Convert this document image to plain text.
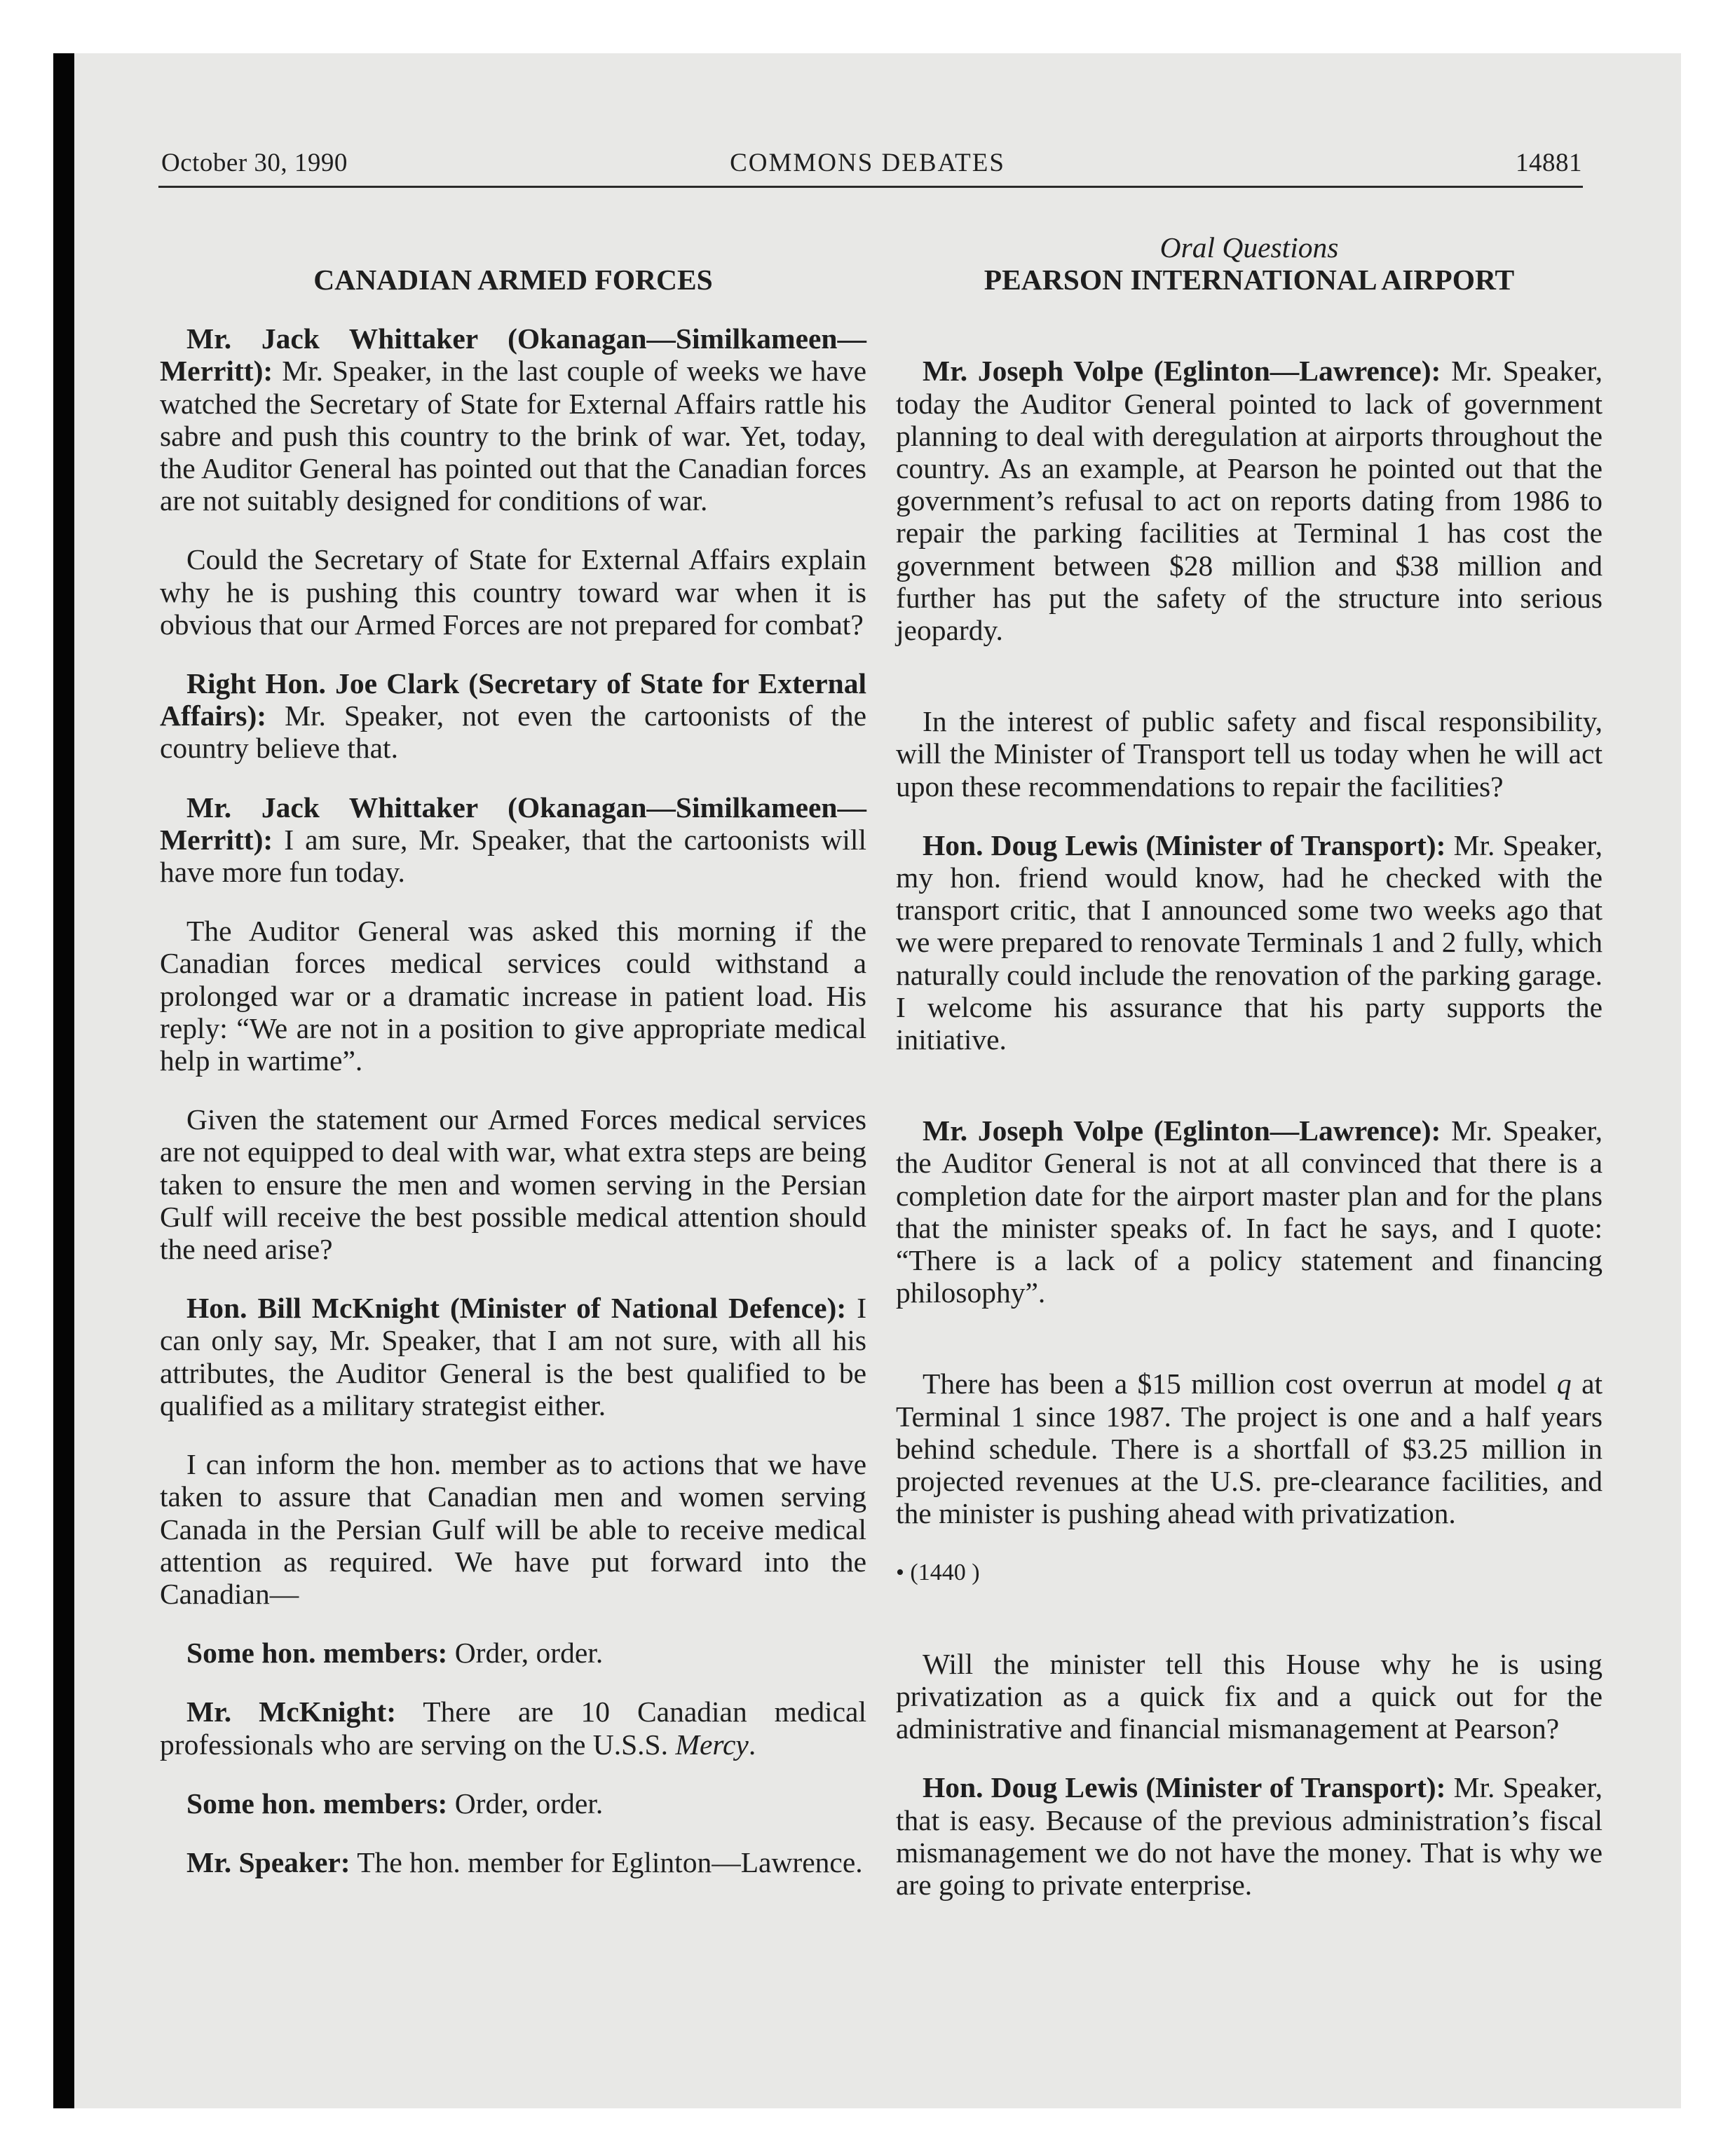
October 30, 1990	COMMONS DEBATES	14881

CANADIAN ARMED FORCES

Mr. Jack Whittaker (Okanagan—Similkameen—Merritt): Mr. Speaker, in the last couple of weeks we have watched the Secretary of State for External Affairs rattle his sabre and push this country to the brink of war. Yet, today, the Auditor General has pointed out that the Canadian forces are not suitably designed for conditions of war.

Could the Secretary of State for External Affairs explain why he is pushing this country toward war when it is obvious that our Armed Forces are not prepared for combat?

Right Hon. Joe Clark (Secretary of State for External Affairs): Mr. Speaker, not even the cartoonists of the country believe that.

Mr. Jack Whittaker (Okanagan—Similkameen—Merritt): I am sure, Mr. Speaker, that the cartoonists will have more fun today.

The Auditor General was asked this morning if the Canadian forces medical services could withstand a prolonged war or a dramatic increase in patient load. His reply: “We are not in a position to give appropriate medical help in wartime”.

Given the statement our Armed Forces medical services are not equipped to deal with war, what extra steps are being taken to ensure the men and women serving in the Persian Gulf will receive the best possible medical attention should the need arise?

Hon. Bill McKnight (Minister of National Defence): I can only say, Mr. Speaker, that I am not sure, with all his attributes, the Auditor General is the best qualified to be qualified as a military strategist either.

I can inform the hon. member as to actions that we have taken to assure that Canadian men and women serving Canada in the Persian Gulf will be able to receive medical attention as required. We have put forward into the Canadian—

Some hon. members: Order, order.

Mr. McKnight: There are 10 Canadian medical professionals who are serving on the U.S.S. Mercy.

Some hon. members: Order, order.

Mr. Speaker: The hon. member for Eglinton—Lawrence.

Oral Questions

PEARSON INTERNATIONAL AIRPORT

Mr. Joseph Volpe (Eglinton—Lawrence): Mr. Speaker, today the Auditor General pointed to lack of government planning to deal with deregulation at airports throughout the country. As an example, at Pearson he pointed out that the government’s refusal to act on reports dating from 1986 to repair the parking facilities at Terminal 1 has cost the government between $28 million and $38 million and further has put the safety of the structure into serious jeopardy.

In the interest of public safety and fiscal responsibility, will the Minister of Transport tell us today when he will act upon these recommendations to repair the facilities?

Hon. Doug Lewis (Minister of Transport): Mr. Speaker, my hon. friend would know, had he checked with the transport critic, that I announced some two weeks ago that we were prepared to renovate Terminals 1 and 2 fully, which naturally could include the renovation of the parking garage. I welcome his assurance that his party supports the initiative.

Mr. Joseph Volpe (Eglinton—Lawrence): Mr. Speaker, the Auditor General is not at all convinced that there is a completion date for the airport master plan and for the plans that the minister speaks of. In fact he says, and I quote: “There is a lack of a policy statement and financing philosophy”.

There has been a $15 million cost overrun at model q at Terminal 1 since 1987. The project is one and a half years behind schedule. There is a shortfall of $3.25 million in projected revenues at the U.S. pre-clearance facilities, and the minister is pushing ahead with privatization.

• (1440 )

Will the minister tell this House why he is using privatization as a quick fix and a quick out for the administrative and financial mismanagement at Pearson?

Hon. Doug Lewis (Minister of Transport): Mr. Speaker, that is easy. Because of the previous administration’s fiscal mismanagement we do not have the money. That is why we are going to private enterprise.
